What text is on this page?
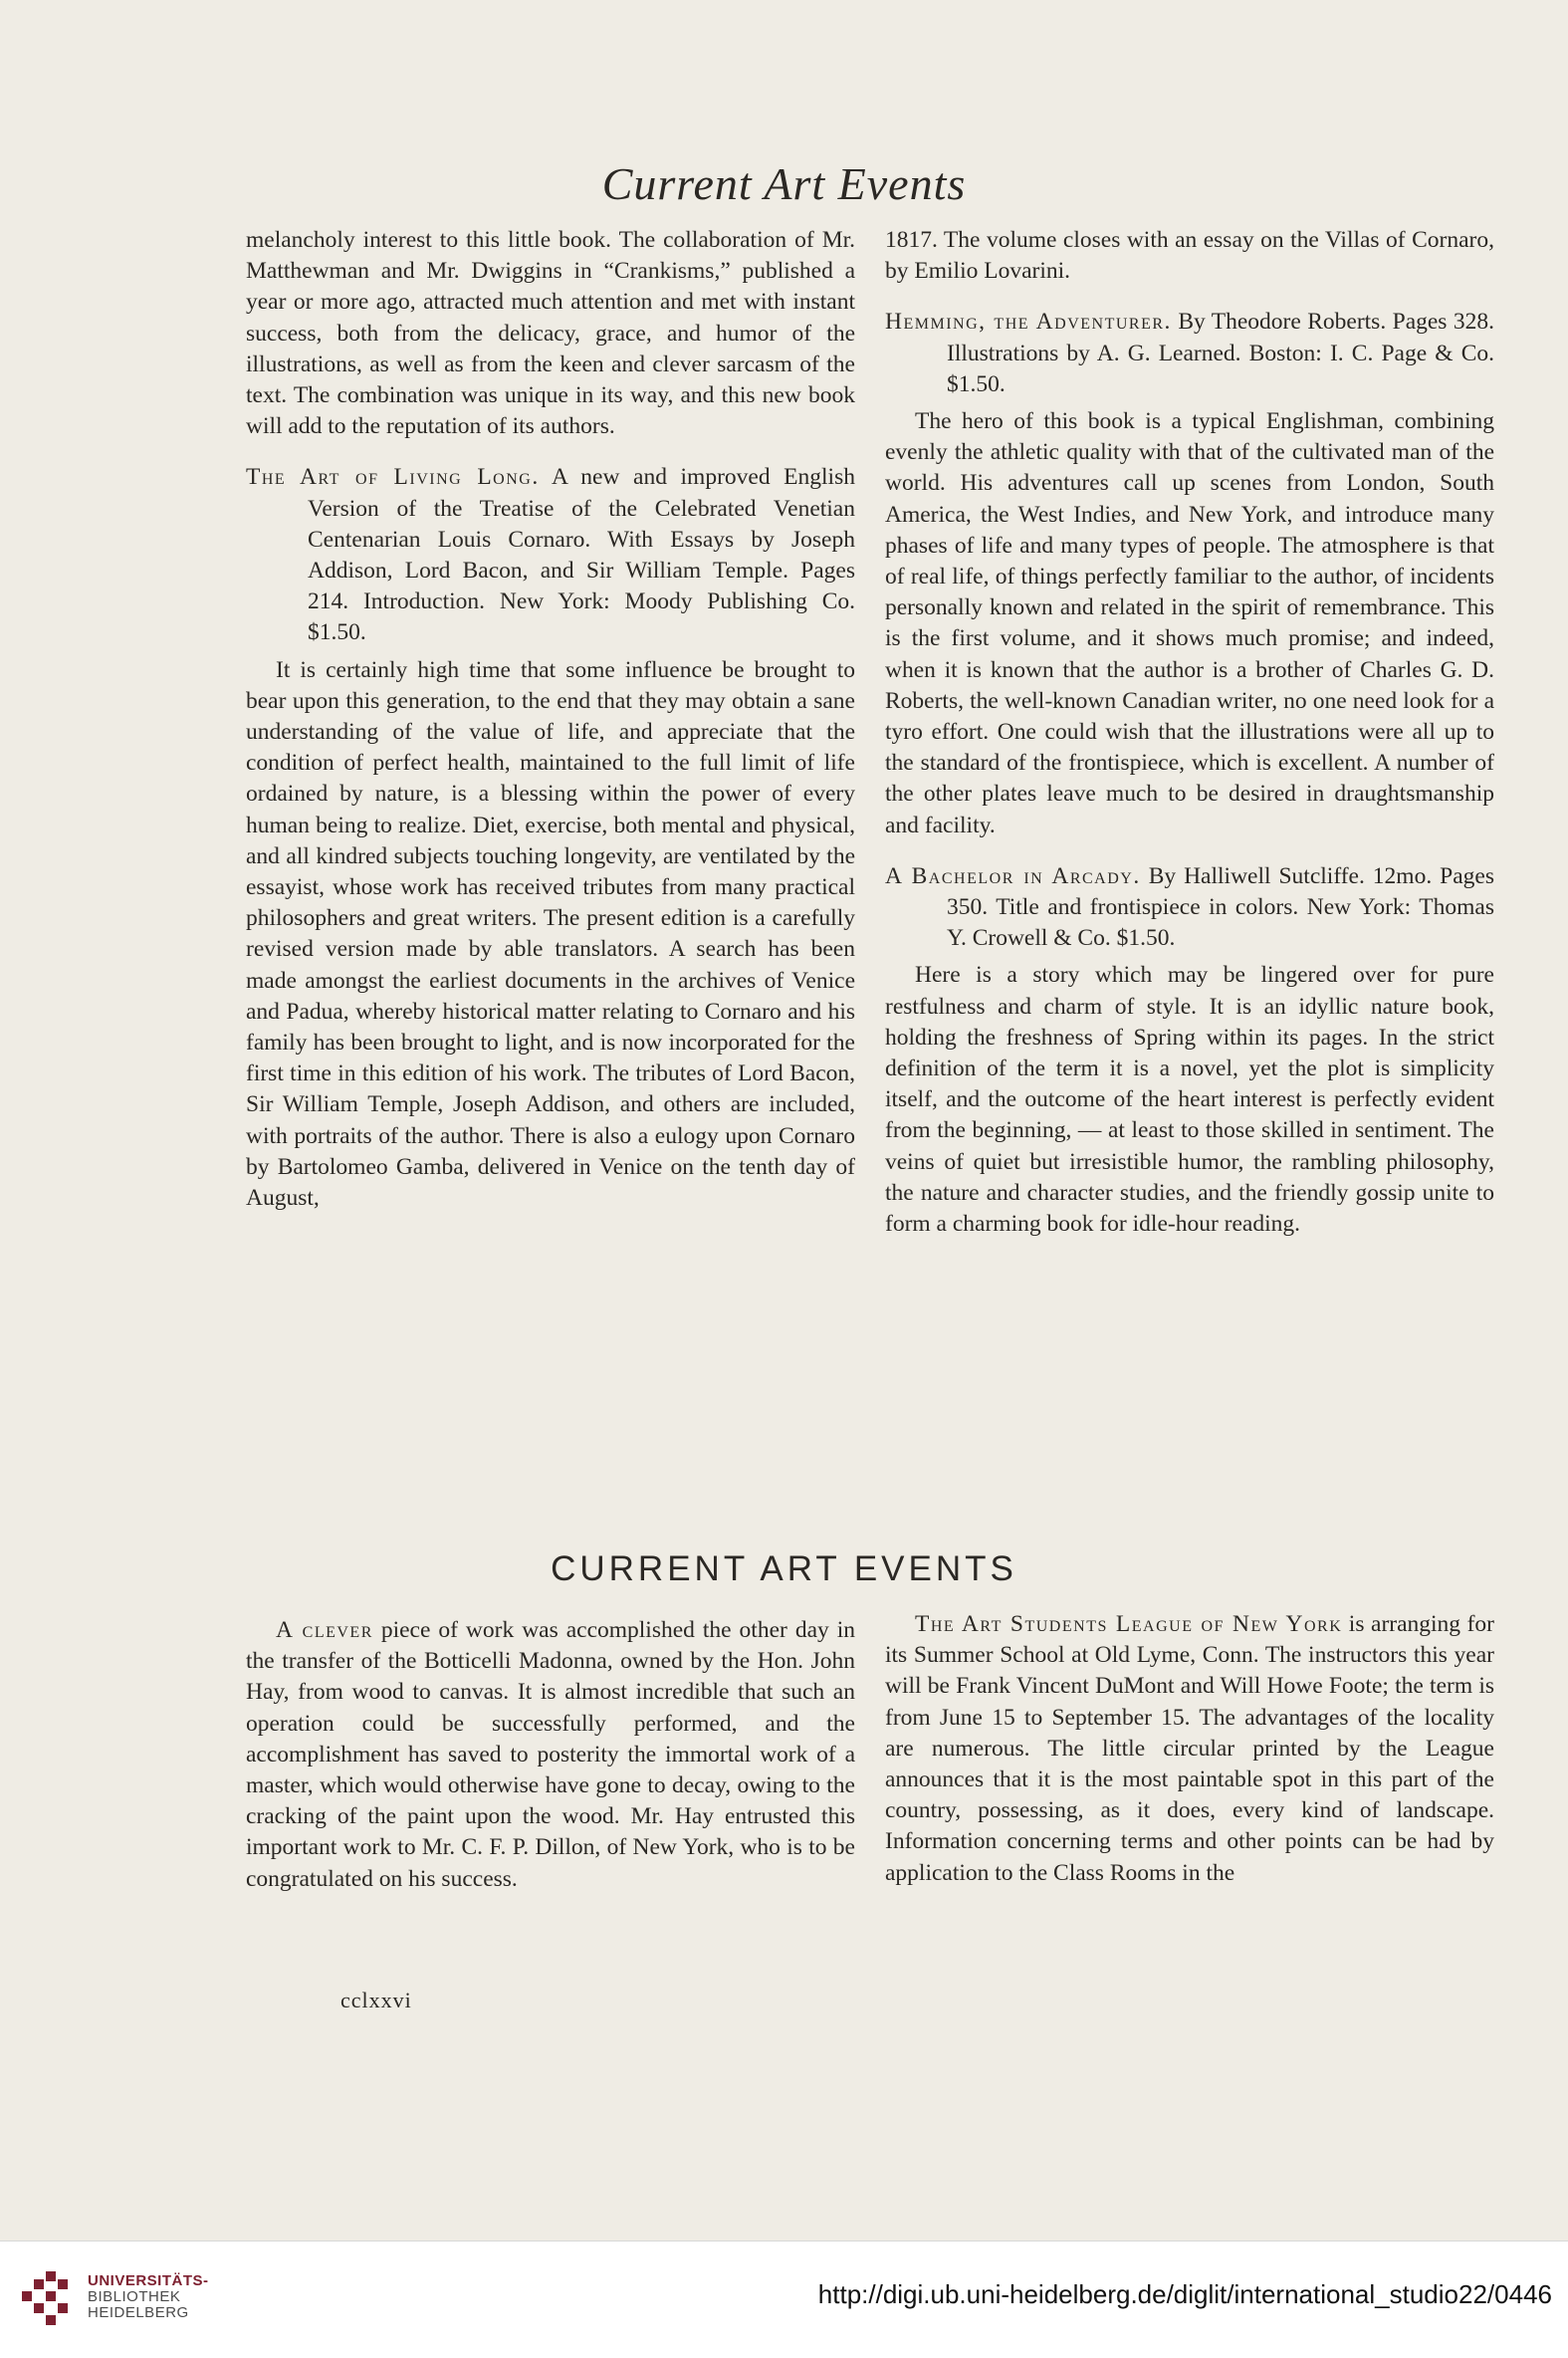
Current Art Events

melancholy interest to this little book. The collaboration of Mr. Matthewman and Mr. Dwiggins in “Crankisms,” published a year or more ago, attracted much attention and met with instant success, both from the delicacy, grace, and humor of the illustrations, as well as from the keen and clever sarcasm of the text. The combination was unique in its way, and this new book will add to the reputation of its authors.

The Art of Living Long. A new and improved English Version of the Treatise of the Celebrated Venetian Centenarian Louis Cornaro. With Essays by Joseph Addison, Lord Bacon, and Sir William Temple. Pages 214. Introduction. New York: Moody Publishing Co. $1.50.

It is certainly high time that some influence be brought to bear upon this generation, to the end that they may obtain a sane understanding of the value of life, and appreciate that the condition of perfect health, maintained to the full limit of life ordained by nature, is a blessing within the power of every human being to realize. Diet, exercise, both mental and physical, and all kindred subjects touching longevity, are ventilated by the essayist, whose work has received tributes from many practical philosophers and great writers. The present edition is a carefully revised version made by able translators. A search has been made amongst the earliest documents in the archives of Venice and Padua, whereby historical matter relating to Cornaro and his family has been brought to light, and is now incorporated for the first time in this edition of his work. The tributes of Lord Bacon, Sir William Temple, Joseph Addison, and others are included, with portraits of the author. There is also a eulogy upon Cornaro by Bartolomeo Gamba, delivered in Venice on the tenth day of August,

1817. The volume closes with an essay on the Villas of Cornaro, by Emilio Lovarini.

Hemming, the Adventurer. By Theodore Roberts. Pages 328. Illustrations by A. G. Learned. Boston: I. C. Page & Co. $1.50.

The hero of this book is a typical Englishman, combining evenly the athletic quality with that of the cultivated man of the world. His adventures call up scenes from London, South America, the West Indies, and New York, and introduce many phases of life and many types of people. The atmosphere is that of real life, of things perfectly familiar to the author, of incidents personally known and related in the spirit of remembrance. This is the first volume, and it shows much promise; and indeed, when it is known that the author is a brother of Charles G. D. Roberts, the well-known Canadian writer, no one need look for a tyro effort. One could wish that the illustrations were all up to the standard of the frontispiece, which is excellent. A number of the other plates leave much to be desired in draughtsmanship and facility.

A Bachelor in Arcady. By Halliwell Sutcliffe. 12mo. Pages 350. Title and frontispiece in colors. New York: Thomas Y. Crowell & Co. $1.50.

Here is a story which may be lingered over for pure restfulness and charm of style. It is an idyllic nature book, holding the freshness of Spring within its pages. In the strict definition of the term it is a novel, yet the plot is simplicity itself, and the outcome of the heart interest is perfectly evident from the beginning, — at least to those skilled in sentiment. The veins of quiet but irresistible humor, the rambling philosophy, the nature and character studies, and the friendly gossip unite to form a charming book for idle-hour reading.

CURRENT ART EVENTS

A clever piece of work was accomplished the other day in the transfer of the Botticelli Madonna, owned by the Hon. John Hay, from wood to canvas. It is almost incredible that such an operation could be successfully performed, and the accomplishment has saved to posterity the immortal work of a master, which would otherwise have gone to decay, owing to the cracking of the paint upon the wood. Mr. Hay entrusted this important work to Mr. C. F. P. Dillon, of New York, who is to be congratulated on his success.

The Art Students League of New York is arranging for its Summer School at Old Lyme, Conn. The instructors this year will be Frank Vincent DuMont and Will Howe Foote; the term is from June 15 to September 15. The advantages of the locality are numerous. The little circular printed by the League announces that it is the most paintable spot in this part of the country, possessing, as it does, every kind of landscape. Information concerning terms and other points can be had by application to the Class Rooms in the

cclxxvi
UNIVERSITÄTS-
BIBLIOTHEK
HEIDELBERG
http://digi.ub.uni-heidelberg.de/diglit/international_studio22/0446
